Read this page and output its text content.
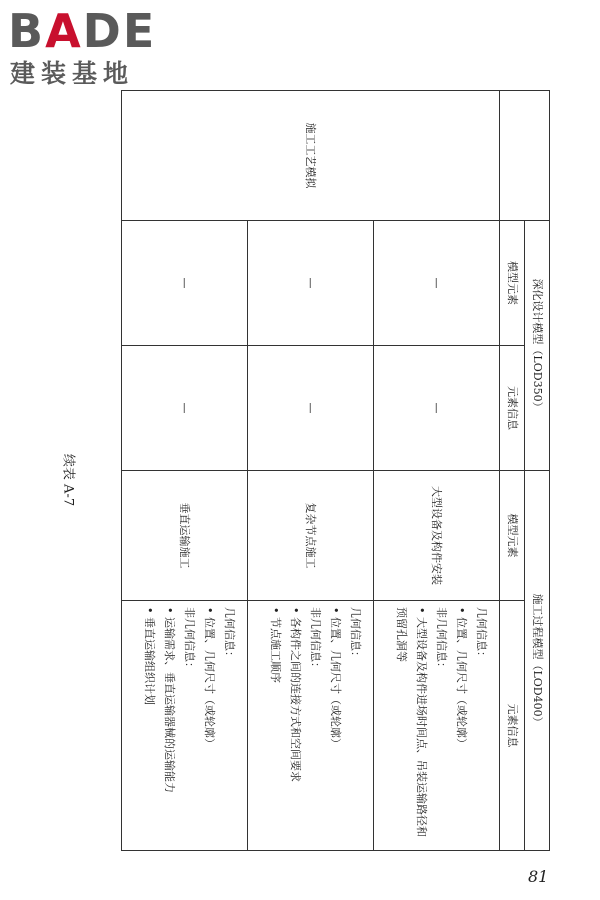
BADE
建装基地
续表 A-7
	深化设计模型（LOD350）		施工过程模型（LOD400）	
	模型元素	元素信息	模型元素	元素信息
施工工艺模拟	—	—	大型设备及构件安装	几何信息：
• 位置、几何尺寸（或轮廓）
非几何信息：
• 大型设备及构件进场时间点、吊装运输路径和预留孔洞等

	—	—	复杂节点施工	几何信息：
• 位置、几何尺寸（或轮廓）
非几何信息：
• 各构件之间的连接方式和空间要求
• 节点施工顺序

	—	—	垂直运输施工	几何信息：
• 位置、几何尺寸（或轮廓）
非几何信息：
• 运输需求、垂直运输器械的运输能力
• 垂直运输组织计划
81
